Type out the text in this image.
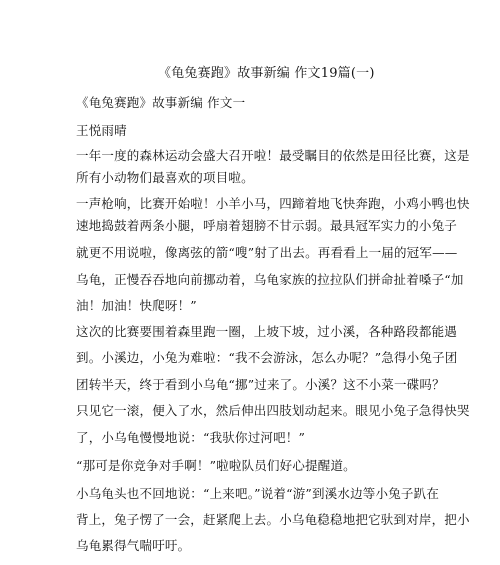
《龟兔赛跑》故事新编 作文19篇(一)
《龟兔赛跑》故事新编 作文一
王悦雨晴
一年一度的森林运动会盛大召开啦！最受瞩目的依然是田径比赛，这是
所有小动物们最喜欢的项目啦。
一声枪响，比赛开始啦！小羊小马，四蹄着地飞快奔跑，小鸡小鸭也快
速地捣鼓着两条小腿，呼扇着翅膀不甘示弱。最具冠军实力的小兔子
就更不用说啦，像离弦的箭“嗖”射了出去。再看看上一届的冠军——
乌龟，正慢吞吞地向前挪动着，乌龟家族的拉拉队们拼命扯着嗓子“加
油！加油！快爬呀！”
这次的比赛要围着森里跑一圈，上坡下坡，过小溪，各种路段都能遇
到。小溪边，小兔为难啦：“我不会游泳，怎么办呢？”急得小兔子团
团转半天，终于看到小乌龟“挪”过来了。小溪？这不小菜一碟吗？
只见它一滚，便入了水，然后伸出四肢划动起来。眼见小兔子急得快哭
了，小乌龟慢慢地说：“我驮你过河吧！”
“那可是你竞争对手啊！”啦啦队员们好心提醒道。
小乌龟头也不回地说：“上来吧。”说着“游”到溪水边等小兔子趴在
背上，兔子愣了一会，赶紧爬上去。小乌龟稳稳地把它驮到对岸，把小
乌龟累得气喘吁吁。
